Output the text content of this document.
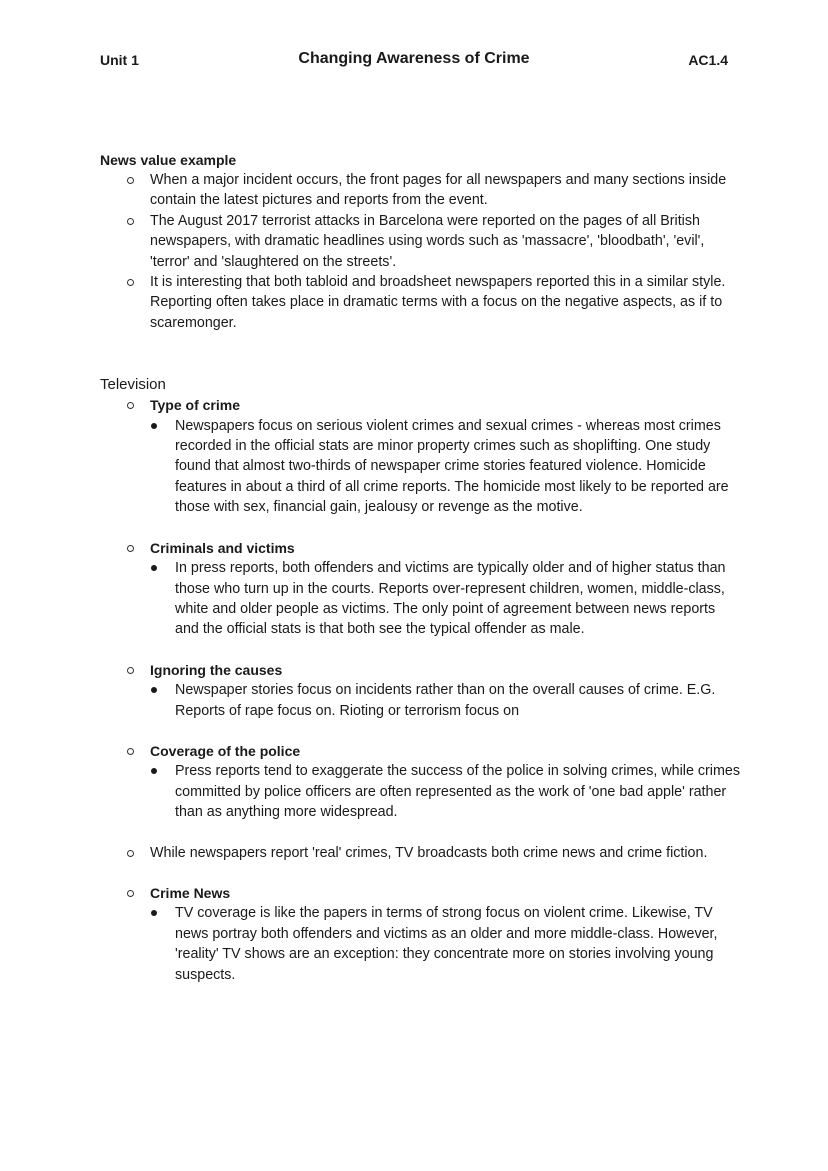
Unit 1	Changing Awareness of Crime	AC1.4
News value example
When a major incident occurs, the front pages for all newspapers and many sections inside contain the latest pictures and reports from the event.
The August 2017 terrorist attacks in Barcelona were reported on the pages of all British newspapers, with dramatic headlines using words such as 'massacre', 'bloodbath', 'evil', 'terror' and 'slaughtered on the streets'.
It is interesting that both tabloid and broadsheet newspapers reported this in a similar style. Reporting often takes place in dramatic terms with a focus on the negative aspects, as if to scaremonger.
Television
Type of crime
Newspapers focus on serious violent crimes and sexual crimes - whereas most crimes recorded in the official stats are minor property crimes such as shoplifting. One study found that almost two-thirds of newspaper crime stories featured violence. Homicide features in about a third of all crime reports. The homicide most likely to be reported are those with sex, financial gain, jealousy or revenge as the motive.
Criminals and victims
In press reports, both offenders and victims are typically older and of higher status than those who turn up in the courts. Reports over-represent children, women, middle-class, white and older people as victims. The only point of agreement between news reports and the official stats is that both see the typical offender as male.
Ignoring the causes
Newspaper stories focus on incidents rather than on the overall causes of crime. E.G. Reports of rape focus on. Rioting or terrorism focus on
Coverage of the police
Press reports tend to exaggerate the success of the police in solving crimes, while crimes committed by police officers are often represented as the work of 'one bad apple' rather than as anything more widespread.
While newspapers report 'real' crimes, TV broadcasts both crime news and crime fiction.
Crime News
TV coverage is like the papers in terms of strong focus on violent crime. Likewise, TV news portray both offenders and victims as an older and more middle-class. However, 'reality' TV shows are an exception: they concentrate more on stories involving young suspects.
